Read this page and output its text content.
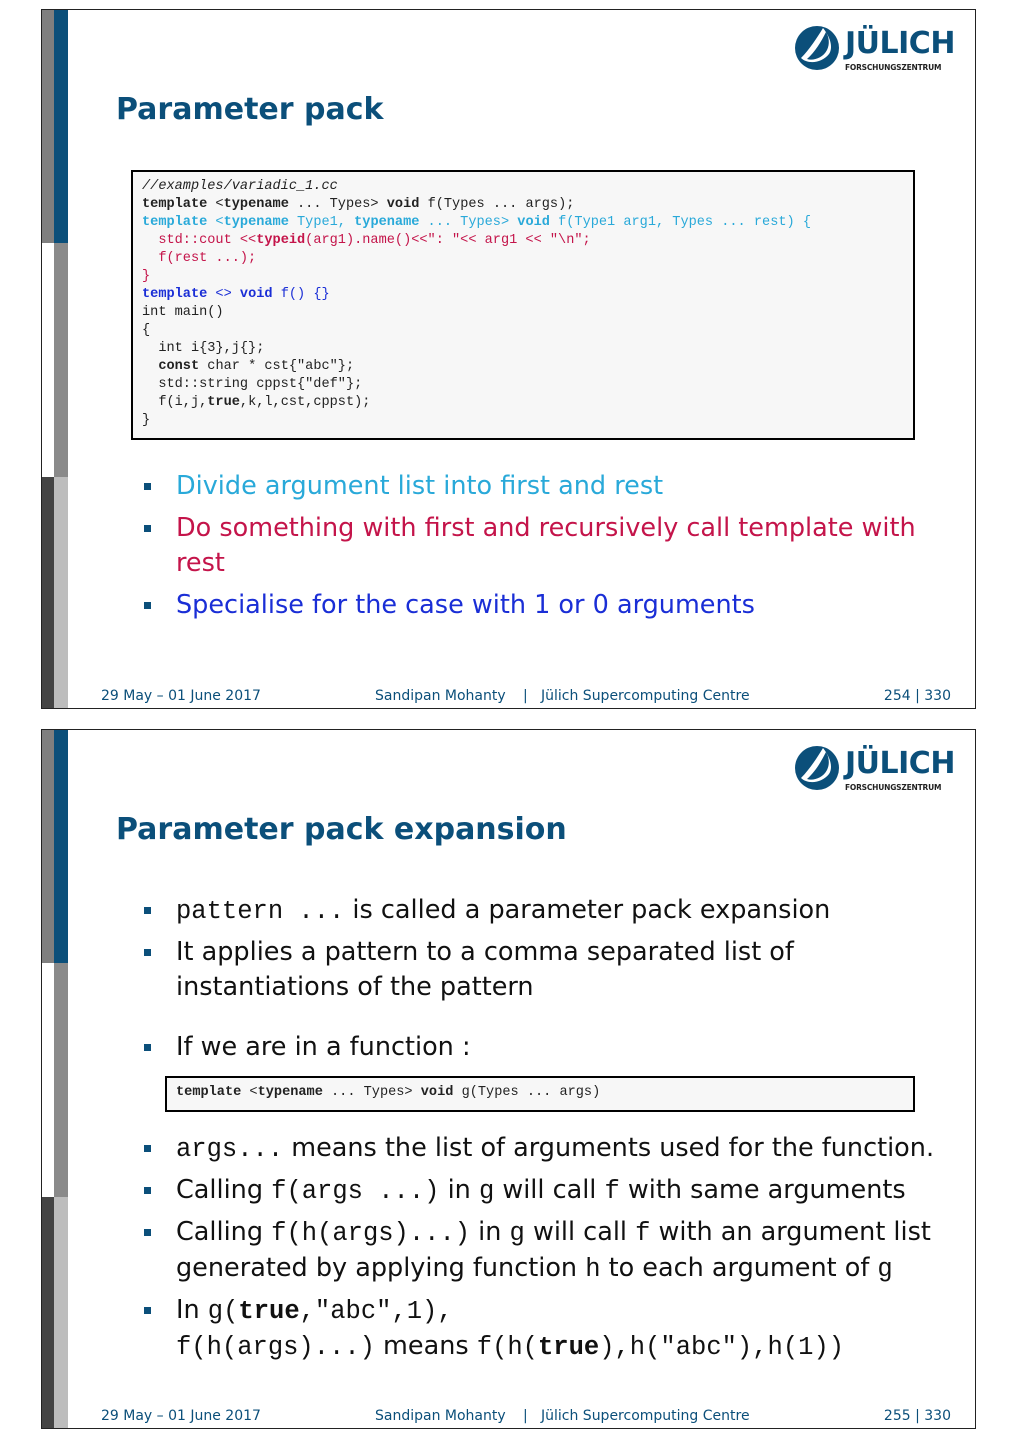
JÜLICH
FORSCHUNGSZENTRUM
Parameter pack
//examples/variadic_1.cc
template <typename ... Types> void f(Types ... args);
template <typename Type1, typename ... Types> void f(Type1 arg1, Types ... rest) {
std::cout <<typeid(arg1).name()<<": "<< arg1 << "\n";
f(rest ...);
}
template <> void f() {}
int main()
{
int i{3},j{};
const char * cst{"abc"};
std::string cppst{"def"};
f(i,j,true,k,l,cst,cppst);
}
Divide argument list into first and rest
Do something with first and recursively call template with rest
Specialise for the case with 1 or 0 arguments
29 May – 01 June 2017	Sandipan Mohanty | Jülich Supercomputing Centre	254 | 330
JÜLICH
FORSCHUNGSZENTRUM
Parameter pack expansion
pattern ... is called a parameter pack expansion
It applies a pattern to a comma separated list of
instantiations of the pattern
If we are in a function :
template <typename ... Types> void g(Types ... args)
args... means the list of arguments used for the function.
Calling f(args ...) in g will call f with same arguments
Calling f(h(args)...) in g will call f with an argument list
generated by applying function h to each argument of g
In g(true,"abc",1),
f(h(args)...) means f(h(true),h("abc"),h(1))
29 May – 01 June 2017	Sandipan Mohanty | Jülich Supercomputing Centre	255 | 330
